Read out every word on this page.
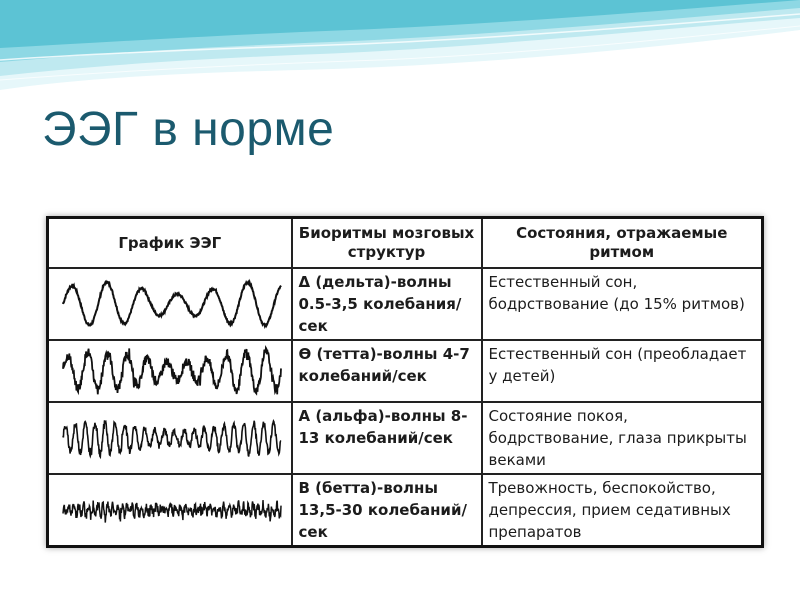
ЭЭГ в норме
График ЭЭГ	Биоритмы мозговых структур	Состояния, отражаемые ритмом

	Δ (дельта)-волны 0.5-3,5 колебания/сек	Естественный сон, бодрствование (до 15% ритмов)

	ϴ (тетта)-волны 4-7 колебаний/сек	Естественный сон (преобладает у детей)

	А (альфа)-волны 8-13 колебаний/сек	Состояние покоя, бодрствование, глаза прикрыты веками

	В (бетта)-волны 13,5-30 колебаний/сек	Тревожность, беспокойство, депрессия, прием седативных препаратов
